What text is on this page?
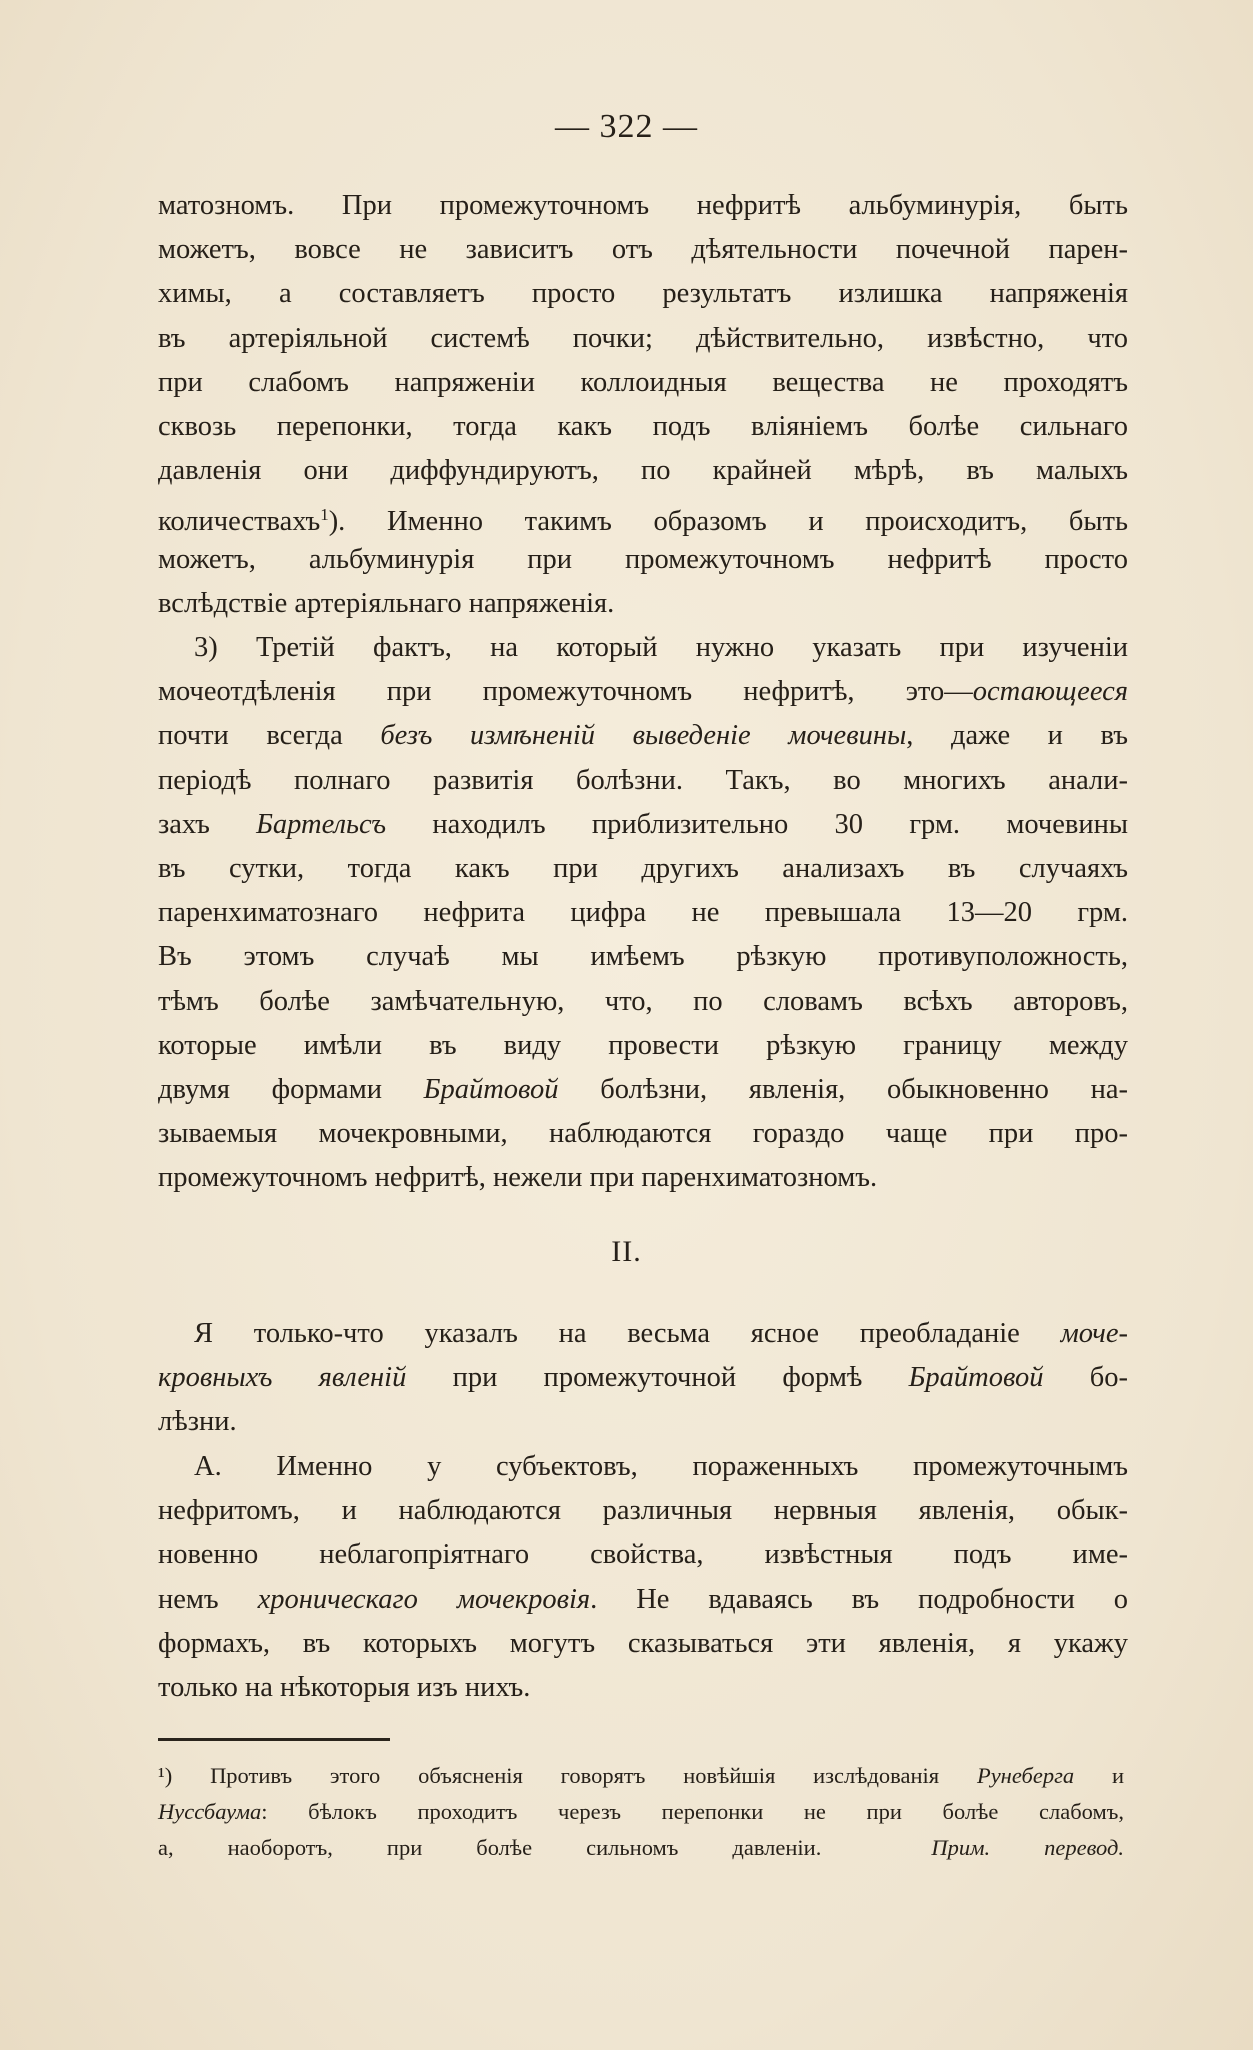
— 322 —
матозномъ. При промежуточномъ нефритѣ альбуминурія, быть
можетъ, вовсе не зависитъ отъ дѣятельности почечной парен-
химы, а составляетъ просто результатъ излишка напряженія
въ артеріяльной системѣ почки; дѣйствительно, извѣстно, что
при слабомъ напряженіи коллоидныя вещества не проходятъ
сквозь перепонки, тогда какъ подъ вліяніемъ болѣе сильнаго
давленія они диффундируютъ, по крайней мѣрѣ, въ малыхъ
количествахъ$^1$). Именно такимъ образомъ и происходитъ, быть
можетъ, альбуминурія при промежуточномъ нефритѣ просто
вслѣдствіе артеріяльнаго напряженія.
3) Третій фактъ, на который нужно указать при изученіи
мочеотдѣленія при промежуточномъ нефритѣ, это—остающееся
почти всегда безъ измѣненій выведеніе мочевины, даже и въ
періодѣ полнаго развитія болѣзни. Такъ, во многихъ анали-
захъ Бартельсъ находилъ приблизительно 30 грм. мочевины
въ сутки, тогда какъ при другихъ анализахъ въ случаяхъ
паренхиматознаго нефрита цифра не превышала 13—20 грм.
Въ этомъ случаѣ мы имѣемъ рѣзкую противуположность,
тѣмъ болѣе замѣчательную, что, по словамъ всѣхъ авторовъ,
которые имѣли въ виду провести рѣзкую границу между
двумя формами Брайтовой болѣзни, явленія, обыкновенно на-
зываемыя мочекровными, наблюдаются гораздо чаще при про-
промежуточномъ нефритѣ, нежели при паренхиматозномъ.
II.
Я только-что указалъ на весьма ясное преобладаніе моче-
кровныхъ явленій при промежуточной формѣ Брайтовой бо-
лѣзни.
А. Именно у субъектовъ, пораженныхъ промежуточнымъ
нефритомъ, и наблюдаются различныя нервныя явленія, обык-
новенно неблагопріятнаго свойства, извѣстныя подъ име-
немъ хроническаго мочекровія. Не вдаваясь въ подробности о
формахъ, въ которыхъ могутъ сказываться эти явленія, я укажу
только на нѣкоторыя изъ нихъ.
¹) Противъ этого объясненія говорятъ новѣйшія изслѣдованія Рунеберга и
Нуссбаума: бѣлокъ проходитъ черезъ перепонки не при болѣе слабомъ,
а, наоборотъ, при болѣе сильномъ давленіи.	Прим. перевод.
